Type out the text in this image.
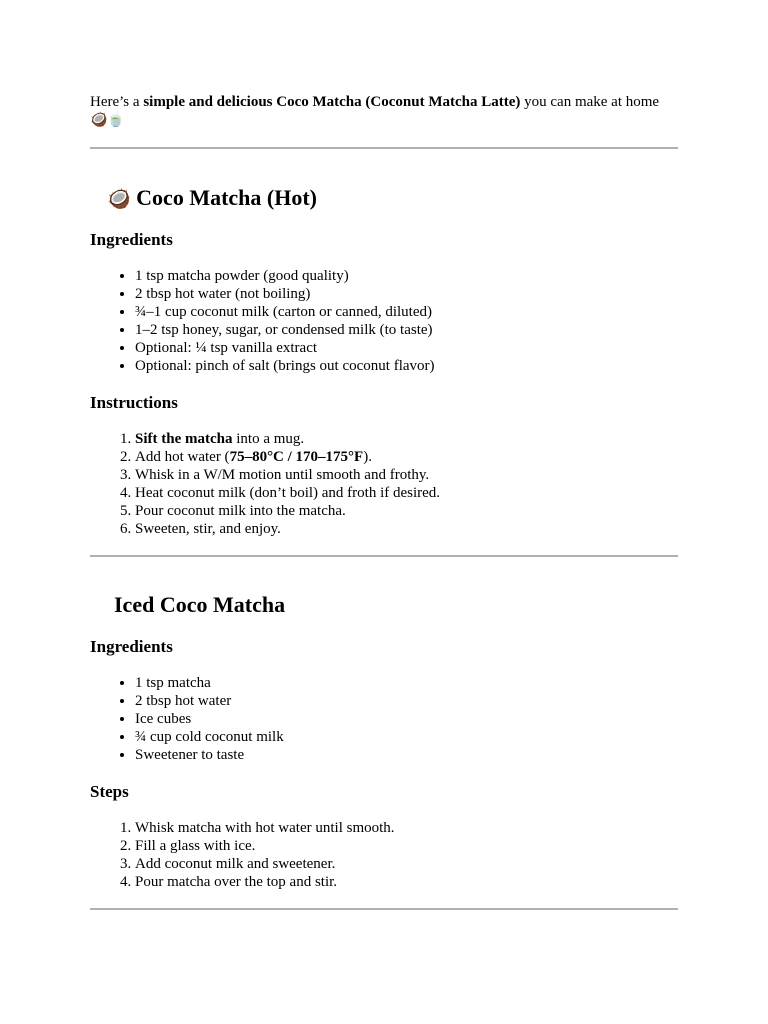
Here’s a simple and delicious Coco Matcha (Coconut Matcha Latte) you can make at home
🥥🍵

🥥 Coco Matcha (Hot)
Ingredients
• 1 tsp matcha powder (good quality)
• 2 tbsp hot water (not boiling)
• ¾–1 cup coconut milk (carton or canned, diluted)
• 1–2 tsp honey, sugar, or condensed milk (to taste)
• Optional: ¼ tsp vanilla extract
• Optional: pinch of salt (brings out coconut flavor)
Instructions
1. Sift the matcha into a mug.
2. Add hot water (75–80°C / 170–175°F).
3. Whisk in a W/M motion until smooth and frothy.
4. Heat coconut milk (don’t boil) and froth if desired.
5. Pour coconut milk into the matcha.
6. Sweeten, stir, and enjoy.
Iced Coco Matcha
Ingredients
• 1 tsp matcha
• 2 tbsp hot water
• Ice cubes
• ¾ cup cold coconut milk
• Sweetener to taste
Steps
1. Whisk matcha with hot water until smooth.
2. Fill a glass with ice.
3. Add coconut milk and sweetener.
4. Pour matcha over the top and stir.
